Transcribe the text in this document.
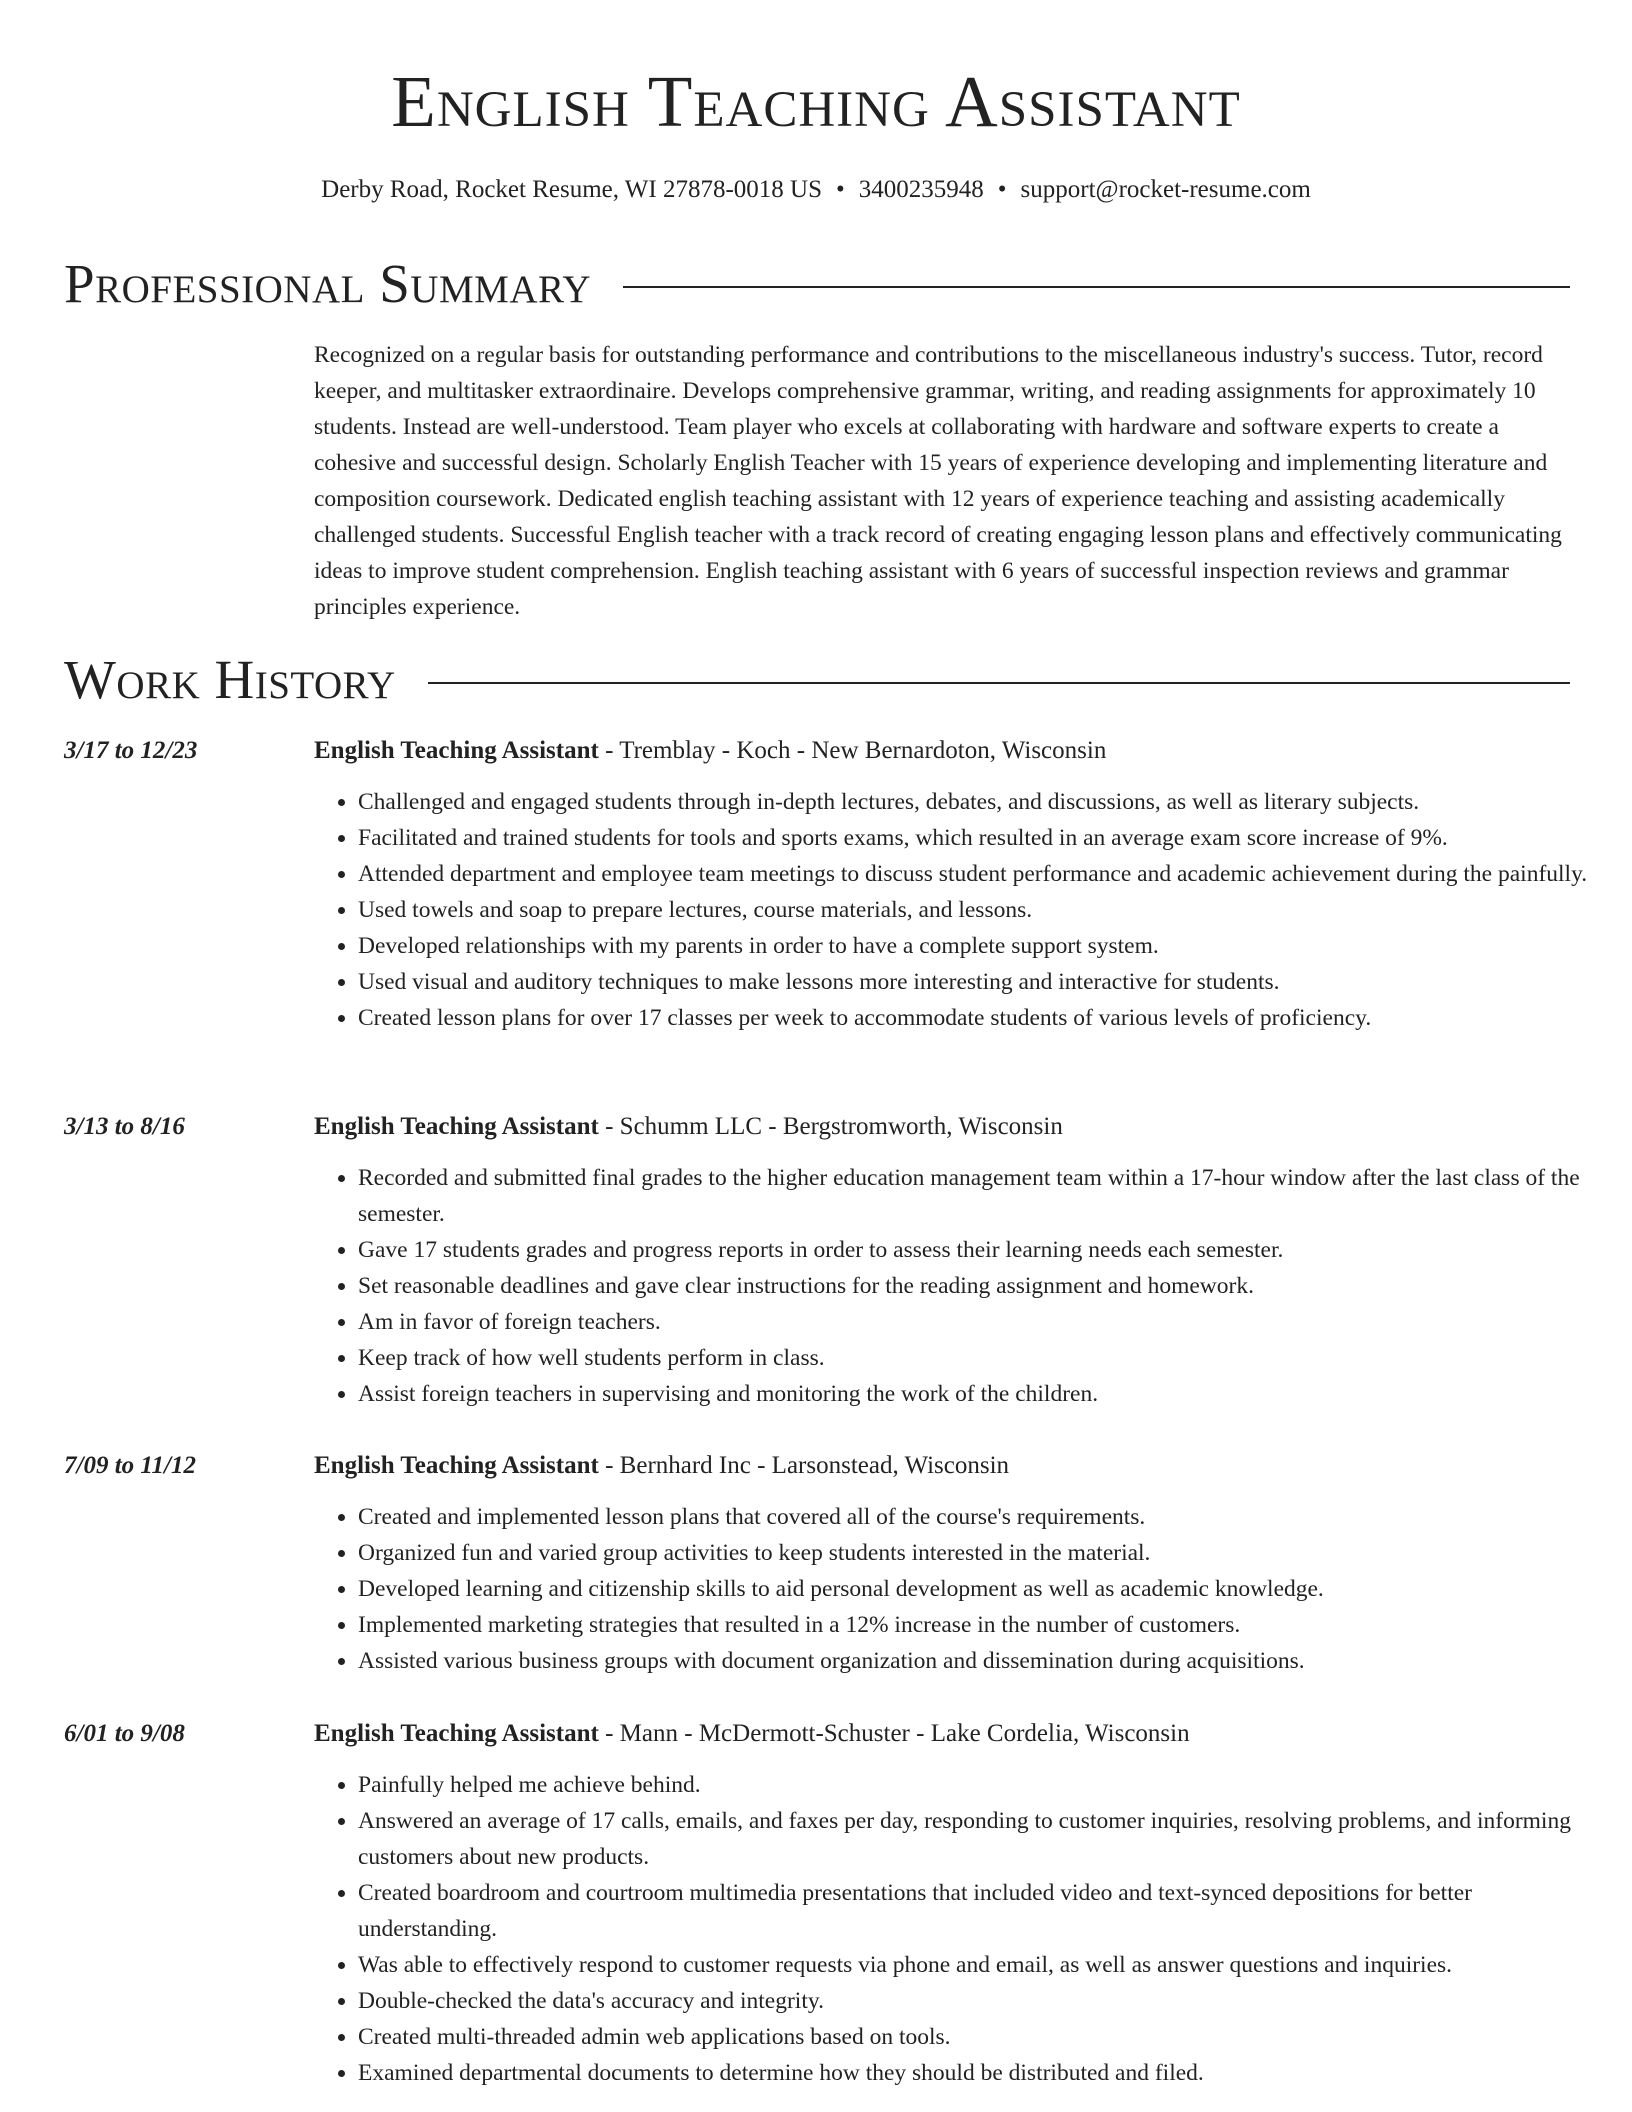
English Teaching Assistant
Derby Road, Rocket Resume, WI 27878-0018 US • 3400235948 • support@rocket-resume.com
Professional Summary

Recognized on a regular basis for outstanding performance and contributions to the miscellaneous industry's success. Tutor, record keeper, and multitasker extraordinaire. Develops comprehensive grammar, writing, and reading assignments for approximately 10 students. Instead are well-understood. Team player who excels at collaborating with hardware and software experts to create a cohesive and successful design. Scholarly English Teacher with 15 years of experience developing and implementing literature and composition coursework. Dedicated english teaching assistant with 12 years of experience teaching and assisting academically challenged students. Successful English teacher with a track record of creating engaging lesson plans and effectively communicating ideas to improve student comprehension. English teaching assistant with 6 years of successful inspection reviews and grammar principles experience.

Work History
3/17 to 12/23	English Teaching Assistant - Tremblay - Koch - New Bernardoton, Wisconsin
• Challenged and engaged students through in-depth lectures, debates, and discussions, as well as literary subjects.
• Facilitated and trained students for tools and sports exams, which resulted in an average exam score increase of 9%.
• Attended department and employee team meetings to discuss student performance and academic achievement during the painfully.
• Used towels and soap to prepare lectures, course materials, and lessons.
• Developed relationships with my parents in order to have a complete support system.
• Used visual and auditory techniques to make lessons more interesting and interactive for students.
• Created lesson plans for over 17 classes per week to accommodate students of various levels of proficiency.
3/13 to 8/16	English Teaching Assistant - Schumm LLC - Bergstromworth, Wisconsin
• Recorded and submitted final grades to the higher education management team within a 17-hour window after the last class of the semester.
• Gave 17 students grades and progress reports in order to assess their learning needs each semester.
• Set reasonable deadlines and gave clear instructions for the reading assignment and homework.
• Am in favor of foreign teachers.
• Keep track of how well students perform in class.
• Assist foreign teachers in supervising and monitoring the work of the children.
7/09 to 11/12	English Teaching Assistant - Bernhard Inc - Larsonstead, Wisconsin
• Created and implemented lesson plans that covered all of the course's requirements.
• Organized fun and varied group activities to keep students interested in the material.
• Developed learning and citizenship skills to aid personal development as well as academic knowledge.
• Implemented marketing strategies that resulted in a 12% increase in the number of customers.
• Assisted various business groups with document organization and dissemination during acquisitions.
6/01 to 9/08	English Teaching Assistant - Mann - McDermott-Schuster - Lake Cordelia, Wisconsin
• Painfully helped me achieve behind.
• Answered an average of 17 calls, emails, and faxes per day, responding to customer inquiries, resolving problems, and informing customers about new products.
• Created boardroom and courtroom multimedia presentations that included video and text-synced depositions for better understanding.
• Was able to effectively respond to customer requests via phone and email, as well as answer questions and inquiries.
• Double-checked the data's accuracy and integrity.
• Created multi-threaded admin web applications based on tools.
• Examined departmental documents to determine how they should be distributed and filed.
